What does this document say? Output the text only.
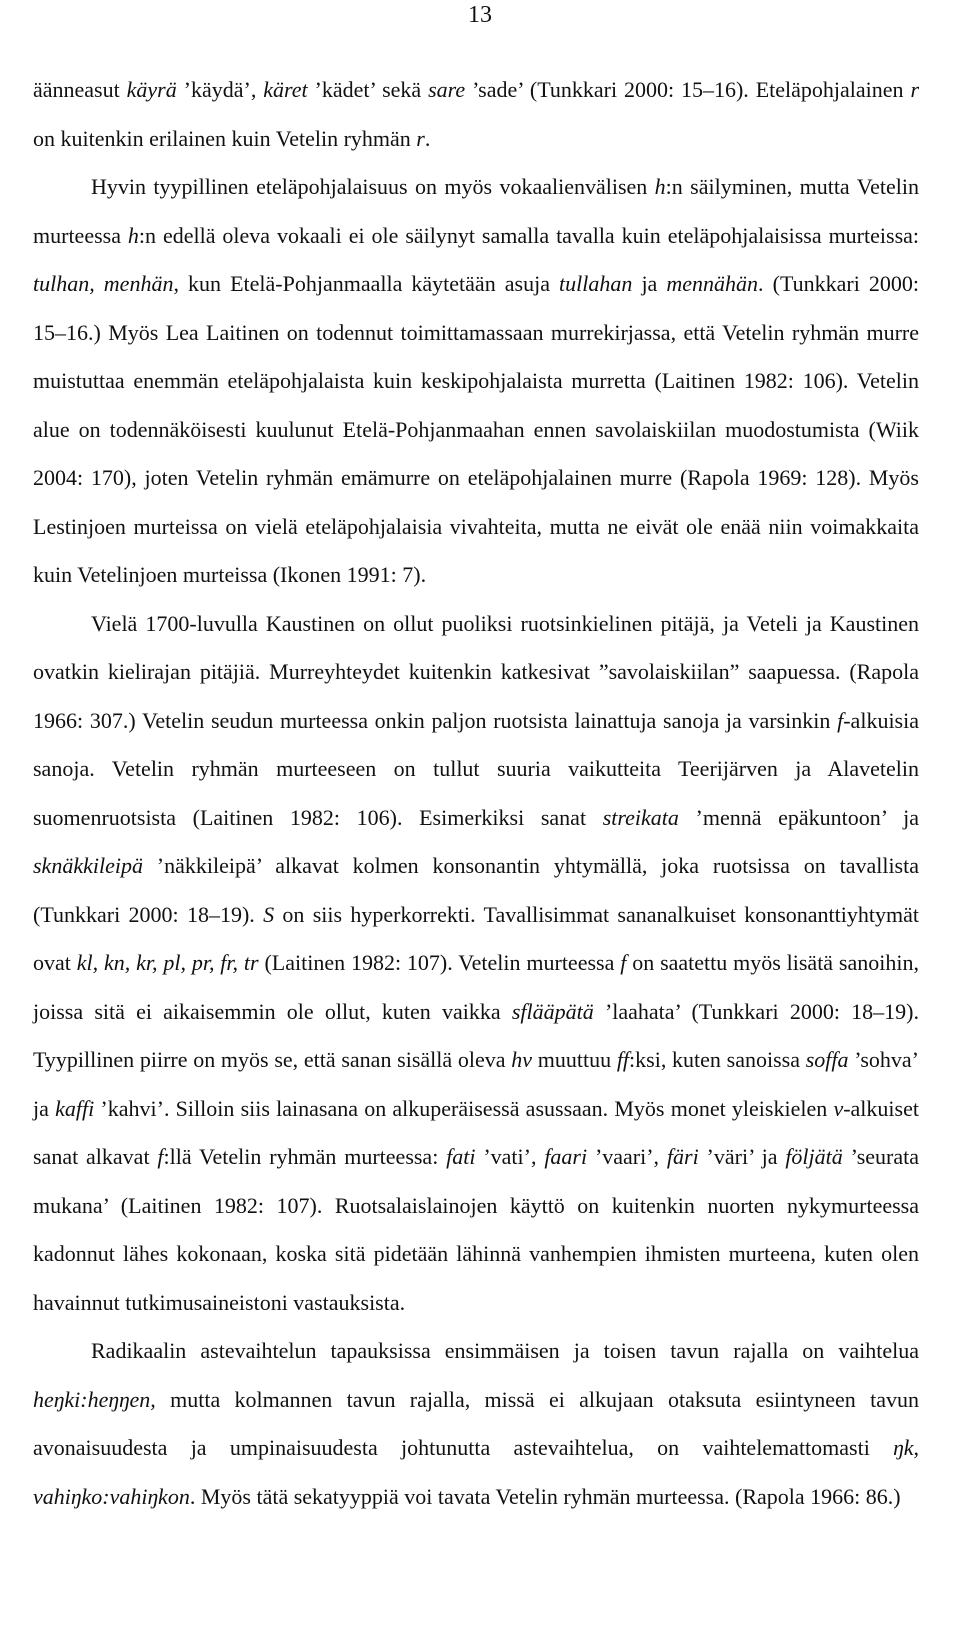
13

äänneasut käyrä ’käydä’, käret ’kädet’ sekä sare ’sade’ (Tunkkari 2000: 15–16). Eteläpohjalainen r on kuitenkin erilainen kuin Vetelin ryhmän r.

Hyvin tyypillinen eteläpohjalaisuus on myös vokaalienvälisen h:n säilyminen, mutta Vetelin murteessa h:n edellä oleva vokaali ei ole säilynyt samalla tavalla kuin eteläpohjalaisissa murteissa: tulhan, menhän, kun Etelä-Pohjanmaalla käytetään asuja tullahan ja mennähän. (Tunkkari 2000: 15–16.) Myös Lea Laitinen on todennut toimittamassaan murrekirjassa, että Vetelin ryhmän murre muistuttaa enemmän eteläpohjalaista kuin keskipohjalaista murretta (Laitinen 1982: 106). Vetelin alue on todennäköisesti kuulunut Etelä-Pohjanmaahan ennen savolaiskiilan muodostumista (Wiik 2004: 170), joten Vetelin ryhmän emämurre on eteläpohjalainen murre (Rapola 1969: 128). Myös Lestinjoen murteissa on vielä eteläpohjalaisia vivahteita, mutta ne eivät ole enää niin voimakkaita kuin Vetelinjoen murteissa (Ikonen 1991: 7).

Vielä 1700-luvulla Kaustinen on ollut puoliksi ruotsinkielinen pitäjä, ja Veteli ja Kaustinen ovatkin kielirajan pitäjiä. Murreyhteydet kuitenkin katkesivat ”savolaiskiilan” saapuessa. (Rapola 1966: 307.) Vetelin seudun murteessa onkin paljon ruotsista lainattuja sanoja ja varsinkin f-alkuisia sanoja. Vetelin ryhmän murteeseen on tullut suuria vaikutteita Teerijärven ja Alavetelin suomenruotsista (Laitinen 1982: 106). Esimerkiksi sanat streikata ’mennä epäkuntoon’ ja sknäkkileipä ’näkkileipä’ alkavat kolmen konsonantin yhtymällä, joka ruotsissa on tavallista (Tunkkari 2000: 18–19). S on siis hyperkorrekti. Tavallisimmat sananalkuiset konsonanttiyhtymät ovat kl, kn, kr, pl, pr, fr, tr (Laitinen 1982: 107). Vetelin murteessa f on saatettu myös lisätä sanoihin, joissa sitä ei aikaisemmin ole ollut, kuten vaikka sflääpätä ’laahata’ (Tunkkari 2000: 18–19). Tyypillinen piirre on myös se, että sanan sisällä oleva hv muuttuu ff:ksi, kuten sanoissa soffa ’sohva’ ja kaffi ’kahvi’. Silloin siis lainasana on alkuperäisessä asussaan. Myös monet yleiskielen v-alkuiset sanat alkavat f:llä Vetelin ryhmän murteessa: fati ’vati’, faari ’vaari’, färi ’väri’ ja följätä ’seurata mukana’ (Laitinen 1982: 107). Ruotsalaislainojen käyttö on kuitenkin nuorten nykymurteessa kadonnut lähes kokonaan, koska sitä pidetään lähinnä vanhempien ihmisten murteena, kuten olen havainnut tutkimusaineistoni vastauksista.

Radikaalin astevaihtelun tapauksissa ensimmäisen ja toisen tavun rajalla on vaihtelua heŋki:heŋŋen, mutta kolmannen tavun rajalla, missä ei alkujaan otaksuta esiintyneen tavun avonaisuudesta ja umpinaisuudesta johtunutta astevaihtelua, on vaihtelemattomasti ŋk, vahiŋko:vahiŋkon. Myös tätä sekatyyppiä voi tavata Vetelin ryhmän murteessa. (Rapola 1966: 86.)
